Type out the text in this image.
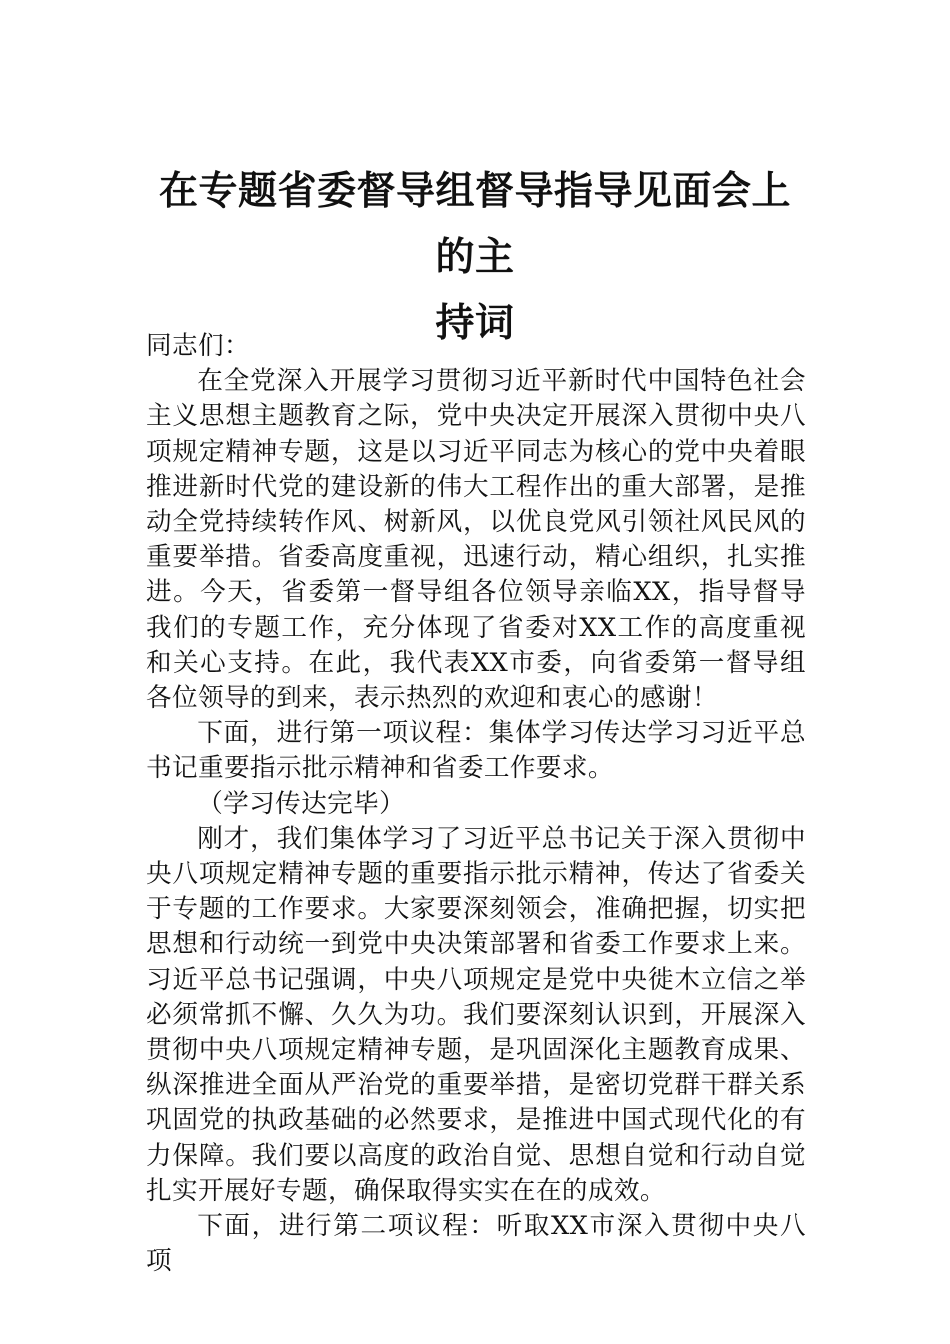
在专题省委督导组督导指导见面会上的主
持词

同志们：

在全党深入开展学习贯彻习近平新时代中国特色社会主义思想主题教育之际，党中央决定开展深入贯彻中央八项规定精神专题，这是以习近平同志为核心的党中央着眼推进新时代党的建设新的伟大工程作出的重大部署，是推动全党持续转作风、树新风，以优良党风引领社风民风的重要举措。省委高度重视，迅速行动，精心组织，扎实推进。今天，省委第一督导组各位领导亲临XX，指导督导我们的专题工作，充分体现了省委对XX工作的高度重视和关心支持。在此，我代表XX市委，向省委第一督导组各位领导的到来，表示热烈的欢迎和衷心的感谢！

下面，进行第一项议程：集体学习传达学习习近平总书记重要指示批示精神和省委工作要求。

（学习传达完毕）

刚才，我们集体学习了习近平总书记关于深入贯彻中央八项规定精神专题的重要指示批示精神，传达了省委关于专题的工作要求。大家要深刻领会，准确把握，切实把思想和行动统一到党中央决策部署和省委工作要求上来。习近平总书记强调，中央八项规定是党中央徙木立信之举必须常抓不懈、久久为功。我们要深刻认识到，开展深入贯彻中央八项规定精神专题，是巩固深化主题教育成果、纵深推进全面从严治党的重要举措，是密切党群干群关系巩固党的执政基础的必然要求，是推进中国式现代化的有力保障。我们要以高度的政治自觉、思想自觉和行动自觉扎实开展好专题，确保取得实实在在的成效。

下面，进行第二项议程：听取XX市深入贯彻中央八项
